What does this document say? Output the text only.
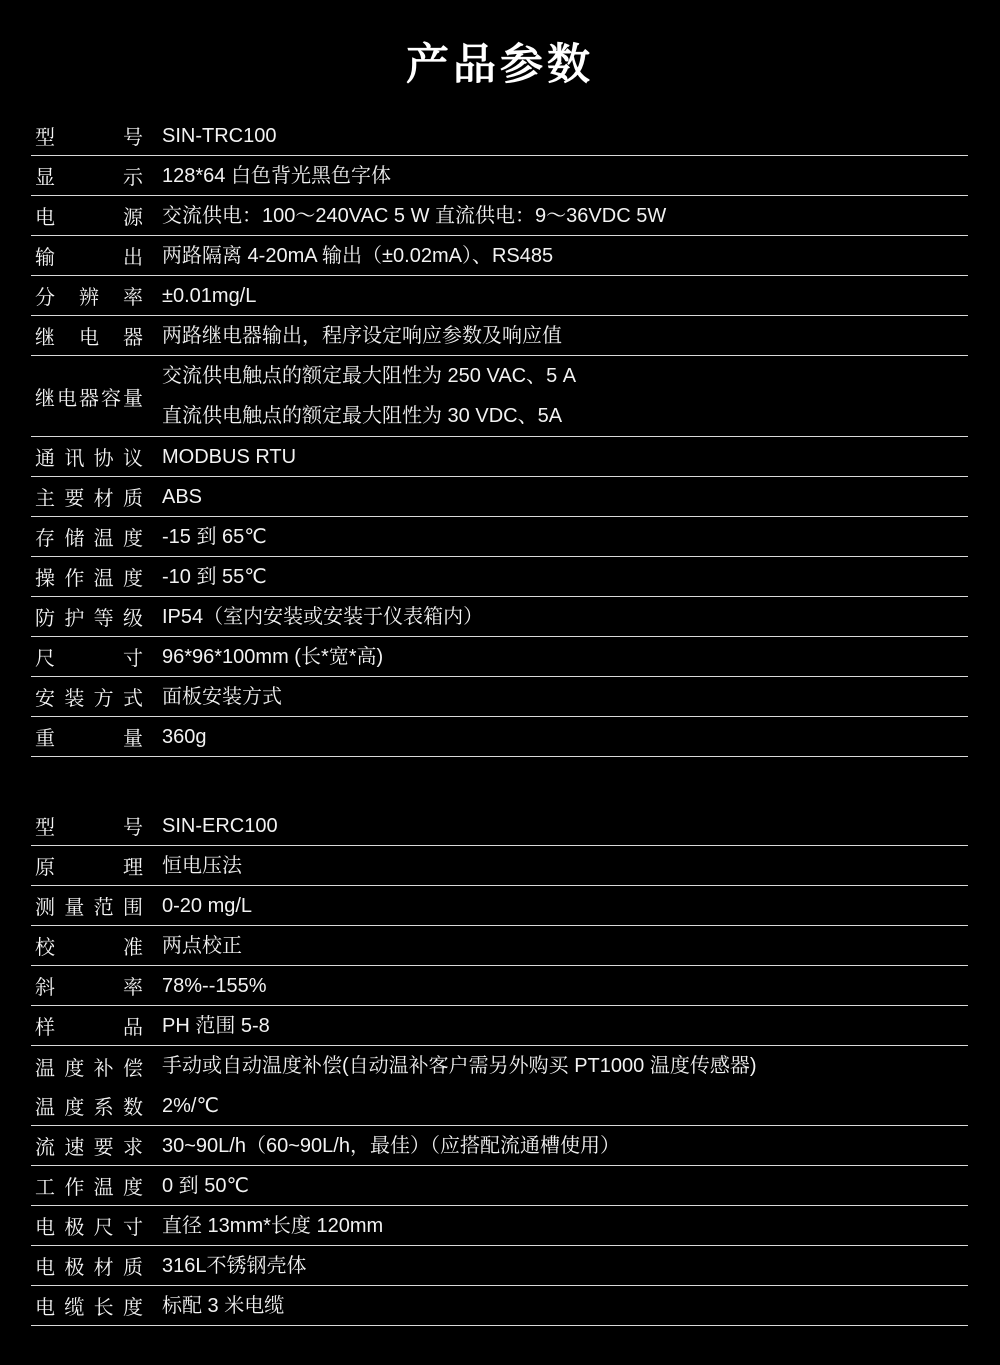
产品参数
型号 SIN-TRC100
显示 128*64 白色背光黑色字体
电源 交流供电：100～240VAC 5 W 直流供电：9～36VDC 5W
输出 两路隔离 4-20mA 输出（±0.02mA）、RS485
分辨率 ±0.01mg/L
继电器 两路继电器输出，程序设定响应参数及响应值
继电器容量
交流供电触点的额定最大阻性为 250 VAC、5 A
直流供电触点的额定最大阻性为 30 VDC、5A
通讯协议 MODBUS RTU
主要材质 ABS
存储温度 -15 到 65℃
操作温度 -10 到 55℃
防护等级 IP54（室内安装或安装于仪表箱内）
尺寸 96*96*100mm (长*宽*高)
安装方式 面板安装方式
重量 360g
型号 SIN-ERC100
原理 恒电压法
测量范围 0-20 mg/L
校准 两点校正
斜率 78%--155%
样品 PH 范围 5-8
温度补偿 手动或自动温度补偿(自动温补客户需另外购买 PT1000 温度传感器)
温度系数 2%/℃
流速要求 30~90L/h（60~90L/h，最佳）（应搭配流通槽使用）
工作温度 0 到 50℃
电极尺寸 直径 13mm*长度 120mm
电极材质 316L不锈钢壳体
电缆长度 标配 3 米电缆
